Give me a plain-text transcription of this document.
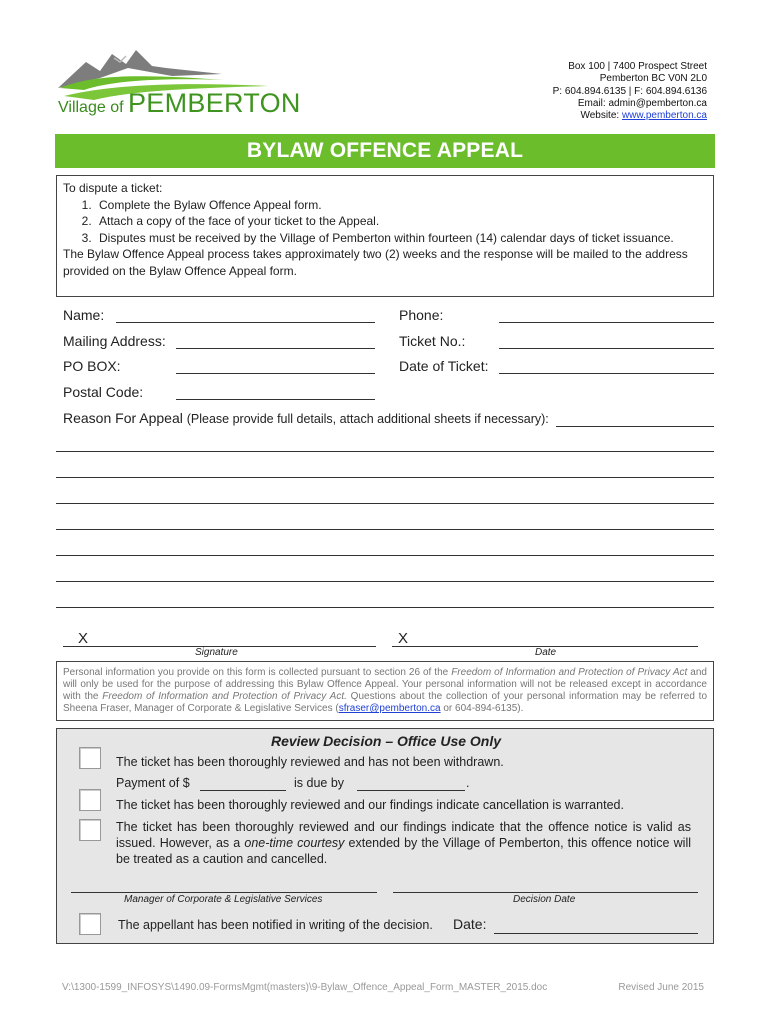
Village of PEMBERTON
Box 100 | 7400 Prospect Street
Pemberton BC V0N 2L0
P: 604.894.6135 | F: 604.894.6136
Email: admin@pemberton.ca
Website: www.pemberton.ca
BYLAW OFFENCE APPEAL
To dispute a ticket:
1. Complete the Bylaw Offence Appeal form.
2. Attach a copy of the face of your ticket to the Appeal.
3. Disputes must be received by the Village of Pemberton within fourteen (14) calendar days of ticket issuance.
The Bylaw Offence Appeal process takes approximately two (2) weeks and the response will be mailed to the address provided on the Bylaw Offence Appeal form.
Name:	Phone:
Mailing Address:	Ticket No.:
PO BOX:	Date of Ticket:
Postal Code:
Reason For Appeal (Please provide full details, attach additional sheets if necessary):
X
Signature
X
Date
Personal information you provide on this form is collected pursuant to section 26 of the Freedom of Information and Protection of Privacy Act and will only be used for the purpose of addressing this Bylaw Offence Appeal. Your personal information will not be released except in accordance with the Freedom of Information and Protection of Privacy Act. Questions about the collection of your personal information may be referred to Sheena Fraser, Manager of Corporate & Legislative Services (sfraser@pemberton.ca or 604-894-6135).
Review Decision – Office Use Only
The ticket has been thoroughly reviewed and has not been withdrawn.
Payment of $	is due by	.
The ticket has been thoroughly reviewed and our findings indicate cancellation is warranted.
The ticket has been thoroughly reviewed and our findings indicate that the offence notice is valid as issued. However, as a one-time courtesy extended by the Village of Pemberton, this offence notice will be treated as a caution and cancelled.
Manager of Corporate & Legislative Services	Decision Date
The appellant has been notified in writing of the decision. Date:
V:\1300-1599_INFOSYS\1490.09-FormsMgmt(masters)\9-Bylaw_Offence_Appeal_Form_MASTER_2015.doc	Revised June 2015
